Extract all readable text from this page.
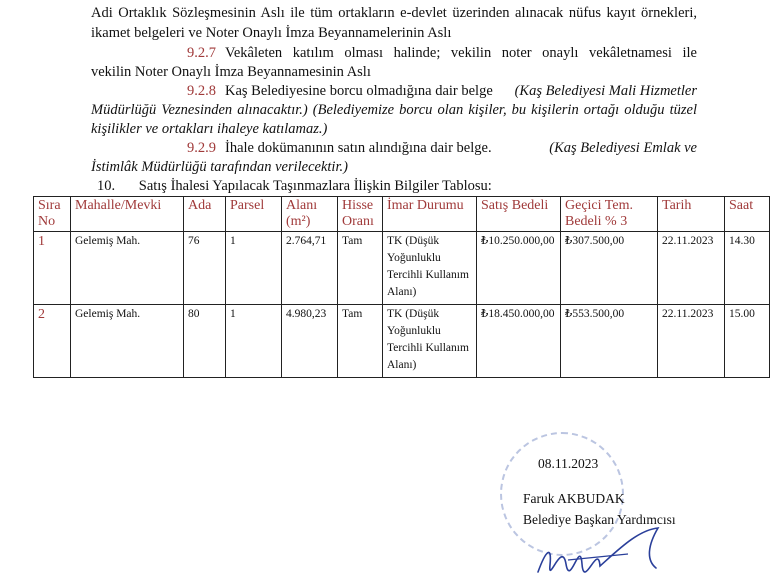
Adi Ortaklık Sözleşmesinin Aslı ile tüm ortakların e-devlet üzerinden alınacak nüfus kayıt örnekleri,
ikamet belgeleri ve Noter Onaylı İmza Beyannamelerinin Aslı
9.2.7 Vekâleten katılım olması halinde; vekilin noter onaylı vekâletnamesi ile
vekilin Noter Onaylı İmza Beyannamesinin Aslı
9.2.8 Kaş Belediyesine borcu olmadığına dair belge	(Kaş Belediyesi Mali Hizmetler
Müdürlüğü Veznesinden alınacaktır.) (Belediyemize borcu olan kişiler, bu kişilerin ortağı olduğu tüzel
kişilikler ve ortakları ihaleye katılamaz.)
9.2.9 İhale dokümanının satın alındığına dair belge.	(Kaş Belediyesi Emlak ve
İstimlâk Müdürlüğü tarafından verilecektir.)
10. Satış İhalesi Yapılacak Taşınmazlara İlişkin Bilgiler Tablosu:
Sıra No	Mahalle/Mevki	Ada	Parsel	Alanı (m²)	Hisse Oranı	İmar Durumu	Satış Bedeli	Geçici Tem. Bedeli % 3	Tarih	Saat
1	Gelemiş Mah.	76	1	2.764,71	Tam	TK (Düşük Yoğunluklu Tercihli Kullanım Alanı)	₺10.250.000,00	₺307.500,00	22.11.2023	14.30
2	Gelemiş Mah.	80	1	4.980,23	Tam	TK (Düşük Yoğunluklu Tercihli Kullanım Alanı)	₺18.450.000,00	₺553.500,00	22.11.2023	15.00
08.11.2023
Faruk AKBUDAK
Belediye Başkan Yardımcısı
